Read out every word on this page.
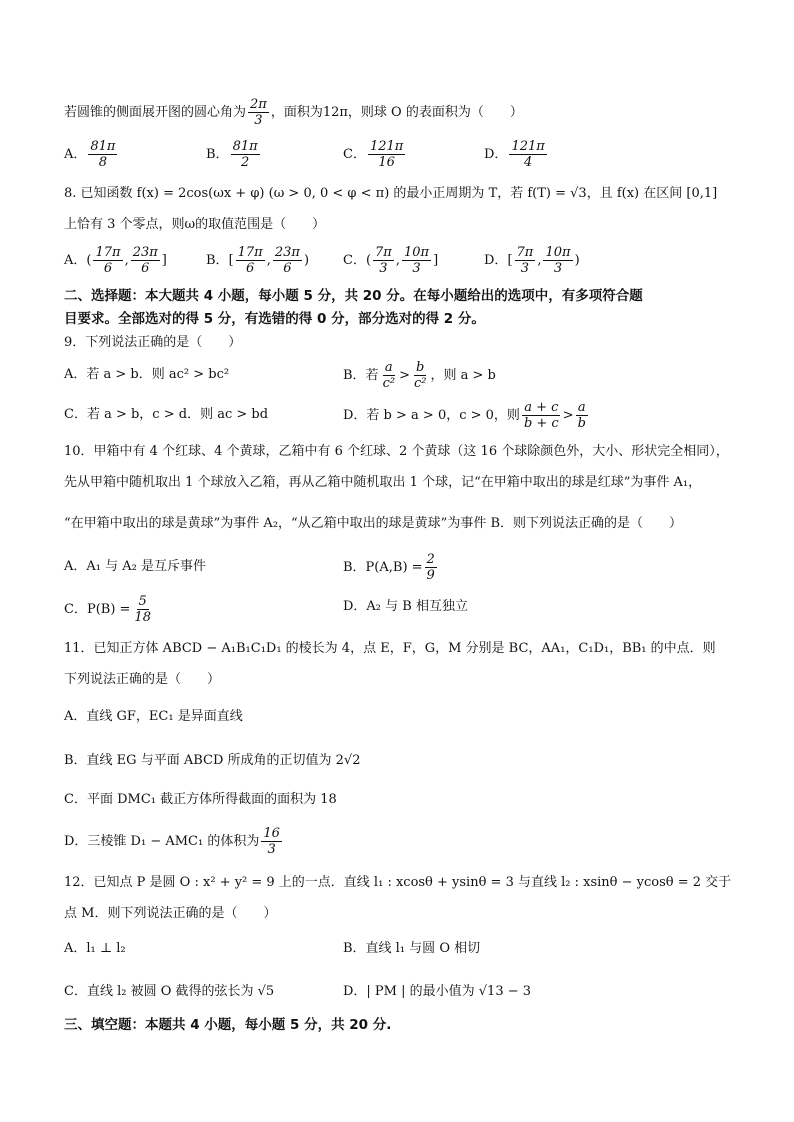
若圆锥的侧面展开图的圆心角为 $\frac{2\pi}{3}$ ，面积为12π，则球 O 的表面积为（　　）
A． $\frac{81\pi}{8}$	B． $\frac{81\pi}{2}$	C． $\frac{121\pi}{16}$	D． $\frac{121\pi}{4}$
8. 已知函数 f(x) = 2cos(ωx + φ) (ω > 0, 0 < φ < π) 的最小正周期为 T，若 f(T) = √3，且 f(x) 在区间 [0,1]
上恰有 3 个零点，则ω的取值范围是（　　）
A．( $\frac{17\pi}{6}$ , $\frac{23\pi}{6}$ ]	B．[ $\frac{17\pi}{6}$ , $\frac{23\pi}{6}$ )	C．( $\frac{7\pi}{3}$ , $\frac{10\pi}{3}$ ]	D．[ $\frac{7\pi}{3}$ , $\frac{10\pi}{3}$ )
二、选择题：本大题共 4 小题，每小题 5 分，共 20 分。在每小题给出的选项中，有多项符合题
目要求。全部选对的得 5 分，有选错的得 0 分，部分选对的得 2 分。
9．下列说法正确的是（　　）
A．若 a > b．则 ac² > bc²	B．若 $\frac{a}{\text{c²}} > \frac{b}{\text{c²}}$ ，则 a > b
C．若 a > b，c > d．则 ac > bd	D．若 b > a > 0，c > 0，则 $\frac{a + c}{b + c} > \frac{a}{b}$
10．甲箱中有 4 个红球、4 个黄球，乙箱中有 6 个红球、2 个黄球（这 16 个球除颜色外，大小、形状完全相同），
先从甲箱中随机取出 1 个球放入乙箱，再从乙箱中随机取出 1 个球，记“在甲箱中取出的球是红球”为事件 A₁，
“在甲箱中取出的球是黄球”为事件 A₂，“从乙箱中取出的球是黄球”为事件 B．则下列说法正确的是（　　）
A．A₁ 与 A₂ 是互斥事件	B．$P(A,B) = \frac{2}{9}$
C．$P(B) = \frac{5}{18}$	D．A₂ 与 B 相互独立
11．已知正方体 ABCD − A₁B₁C₁D₁ 的棱长为 4，点 E，F，G，M 分别是 BC，AA₁，C₁D₁，BB₁ 的中点．则
下列说法正确的是（　　）
A．直线 GF，EC₁ 是异面直线
B．直线 EG 与平面 ABCD 所成角的正切值为 2√2
C．平面 DMC₁ 截正方体所得截面的面积为 18
D．三棱锥 D₁ − AMC₁ 的体积为 $\frac{16}{3}$
12．已知点 P 是圆 O : x² + y² = 9 上的一点．直线 l₁ : xcosθ + ysinθ = 3 与直线 l₂ : xsinθ − ycosθ = 2 交于
点 M．则下列说法正确的是（　　）
A．l₁ ⊥ l₂	B．直线 l₁ 与圆 O 相切
C．直线 l₂ 被圆 O 截得的弦长为 √5	D．| PM | 的最小值为 √13 − 3
三、填空题：本题共 4 小题，每小题 5 分，共 20 分.
